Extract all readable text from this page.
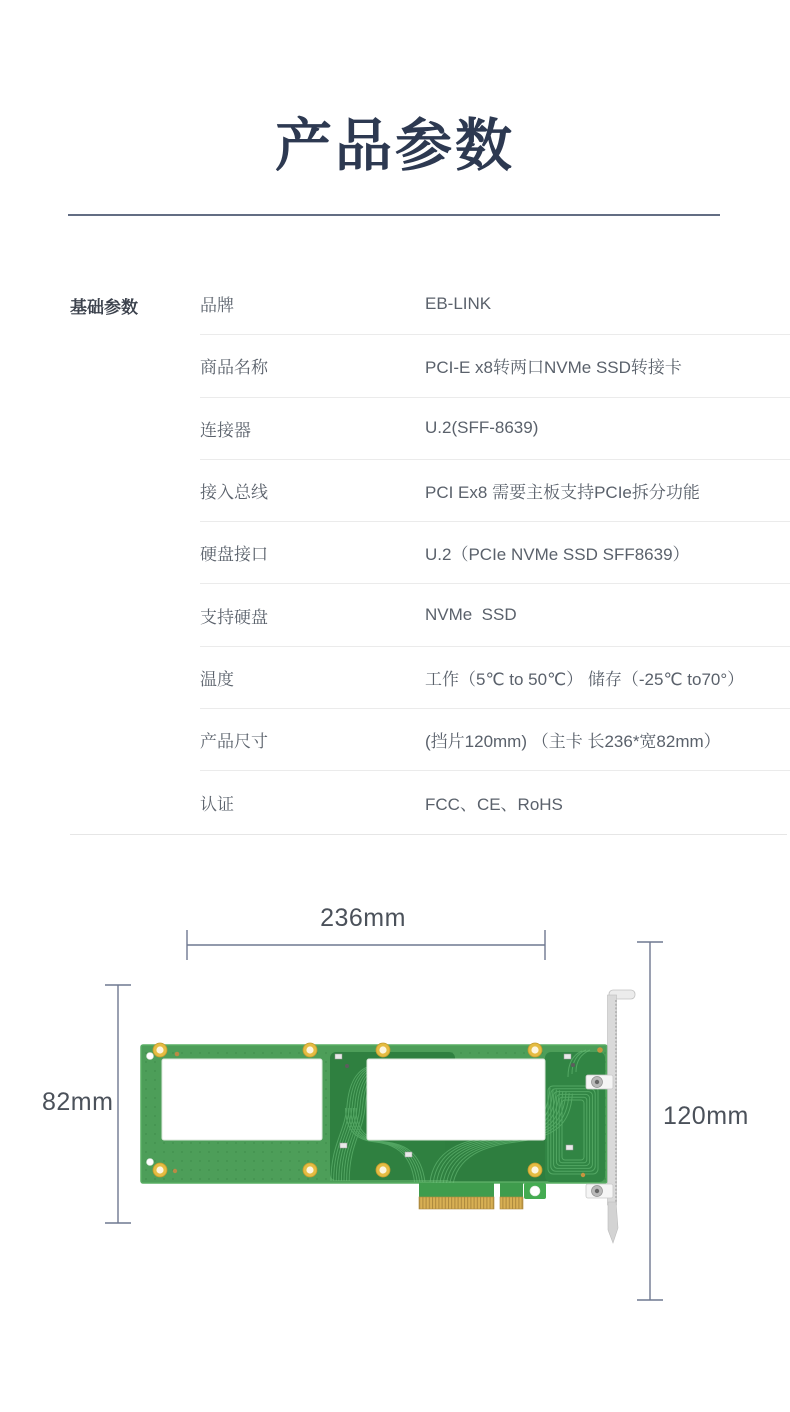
产品参数
基础参数	品牌	EB-LINK
商品名称	PCI-E x8转两口NVMe SSD转接卡
连接器	U.2(SFF-8639)
接入总线	PCI Ex8 需要主板支持PCIe拆分功能
硬盘接口	U.2（PCIe NVMe SSD SFF8639）
支持硬盘	NVMe  SSD
温度	工作（5℃ to 50℃） 储存（-25℃ to70°）
产品尺寸	(挡片120mm) （主卡 长236*宽82mm）
认证	FCC、CE、RoHS
236mm
82mm	120mm
